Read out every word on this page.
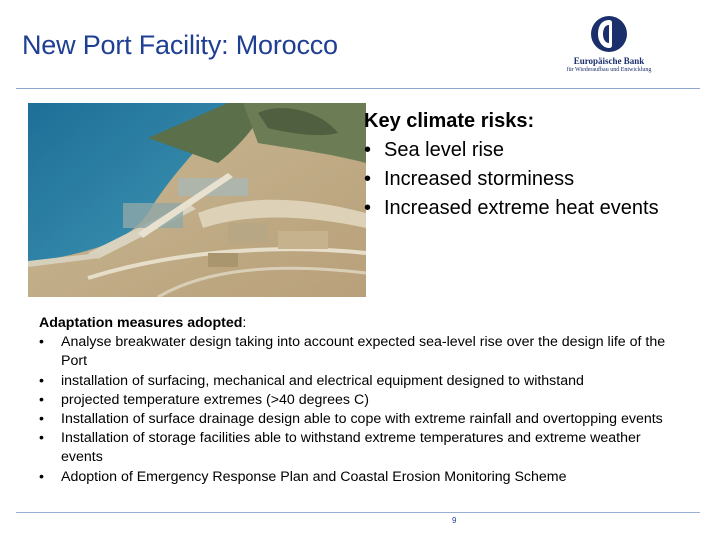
New Port Facility: Morocco
Europäische Bank
für Wiederaufbau und Entwicklung
Key climate risks:
• Sea level rise
• Increased storminess
• Increased extreme heat events
Adaptation measures adopted:
• Analyse breakwater design taking into account expected sea-level rise over the design life of the Port
• installation of surfacing, mechanical and electrical equipment designed to withstand
• projected temperature extremes (>40 degrees C)
• Installation of surface drainage design able to cope with extreme rainfall and overtopping events
• Installation of storage facilities able to withstand extreme temperatures and extreme weather events
• Adoption of Emergency Response Plan and Coastal Erosion Monitoring Scheme
9
